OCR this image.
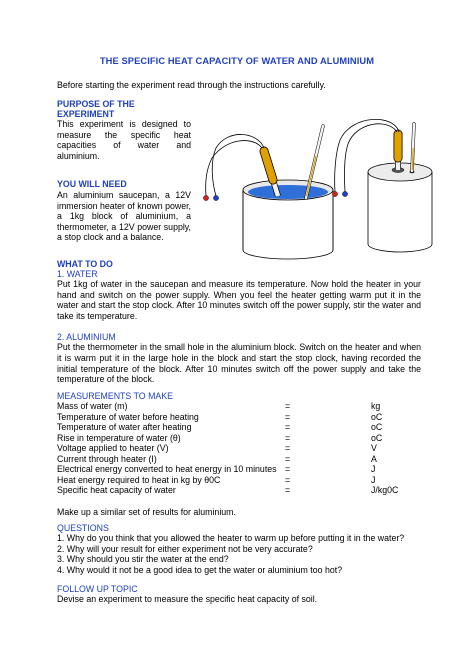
THE SPECIFIC HEAT CAPACITY OF WATER AND ALUMINIUM
Before starting the experiment read through the instructions carefully.
PURPOSE OF THE
EXPERIMENT
This experiment is designed to measure the specific heat capacities of water and aluminium.
YOU WILL NEED
An aluminium saucepan, a 12V immersion heater of known power, a 1kg block of aluminium, a thermometer, a 12V power supply, a stop clock and a balance.
WHAT TO DO
1. WATER
Put 1kg of water in the saucepan and measure its temperature. Now hold the heater in your hand and switch on the power supply. When you feel the heater getting warm put it in the water and start the stop clock. After 10 minutes switch off the power supply, stir the water and take its temperature.
2. ALUMINIUM
Put the thermometer in the small hole in the aluminium block. Switch on the heater and when it is warm put it in the large hole in the block and start the stop clock, having recorded the initial temperature of the block. After 10 minutes switch off the power supply and take the temperature of the block.
MEASUREMENTS TO MAKE
Mass of water (m)	=	kg
Temperature of water before heating	=	oC
Temperature of water after heating	=	oC
Rise in temperature of water (θ)	=	oC
Voltage applied to heater (V)	=	V
Current through heater (I)	=	A
Electrical energy converted to heat energy in 10 minutes =	J
Heat energy required to heat in kg by θ0C	=	J
Specific heat capacity of water	=	J/kg0C
Make up a similar set of results for aluminium.
QUESTIONS
1. Why do you think that you allowed the heater to warm up before putting it in the water?
2. Why will your result for either experiment not be very accurate?
3. Why should you stir the water at the end?
4. Why would it not be a good idea to get the water or aluminium too hot?
FOLLOW UP TOPIC
Devise an experiment to measure the specific heat capacity of soil.
